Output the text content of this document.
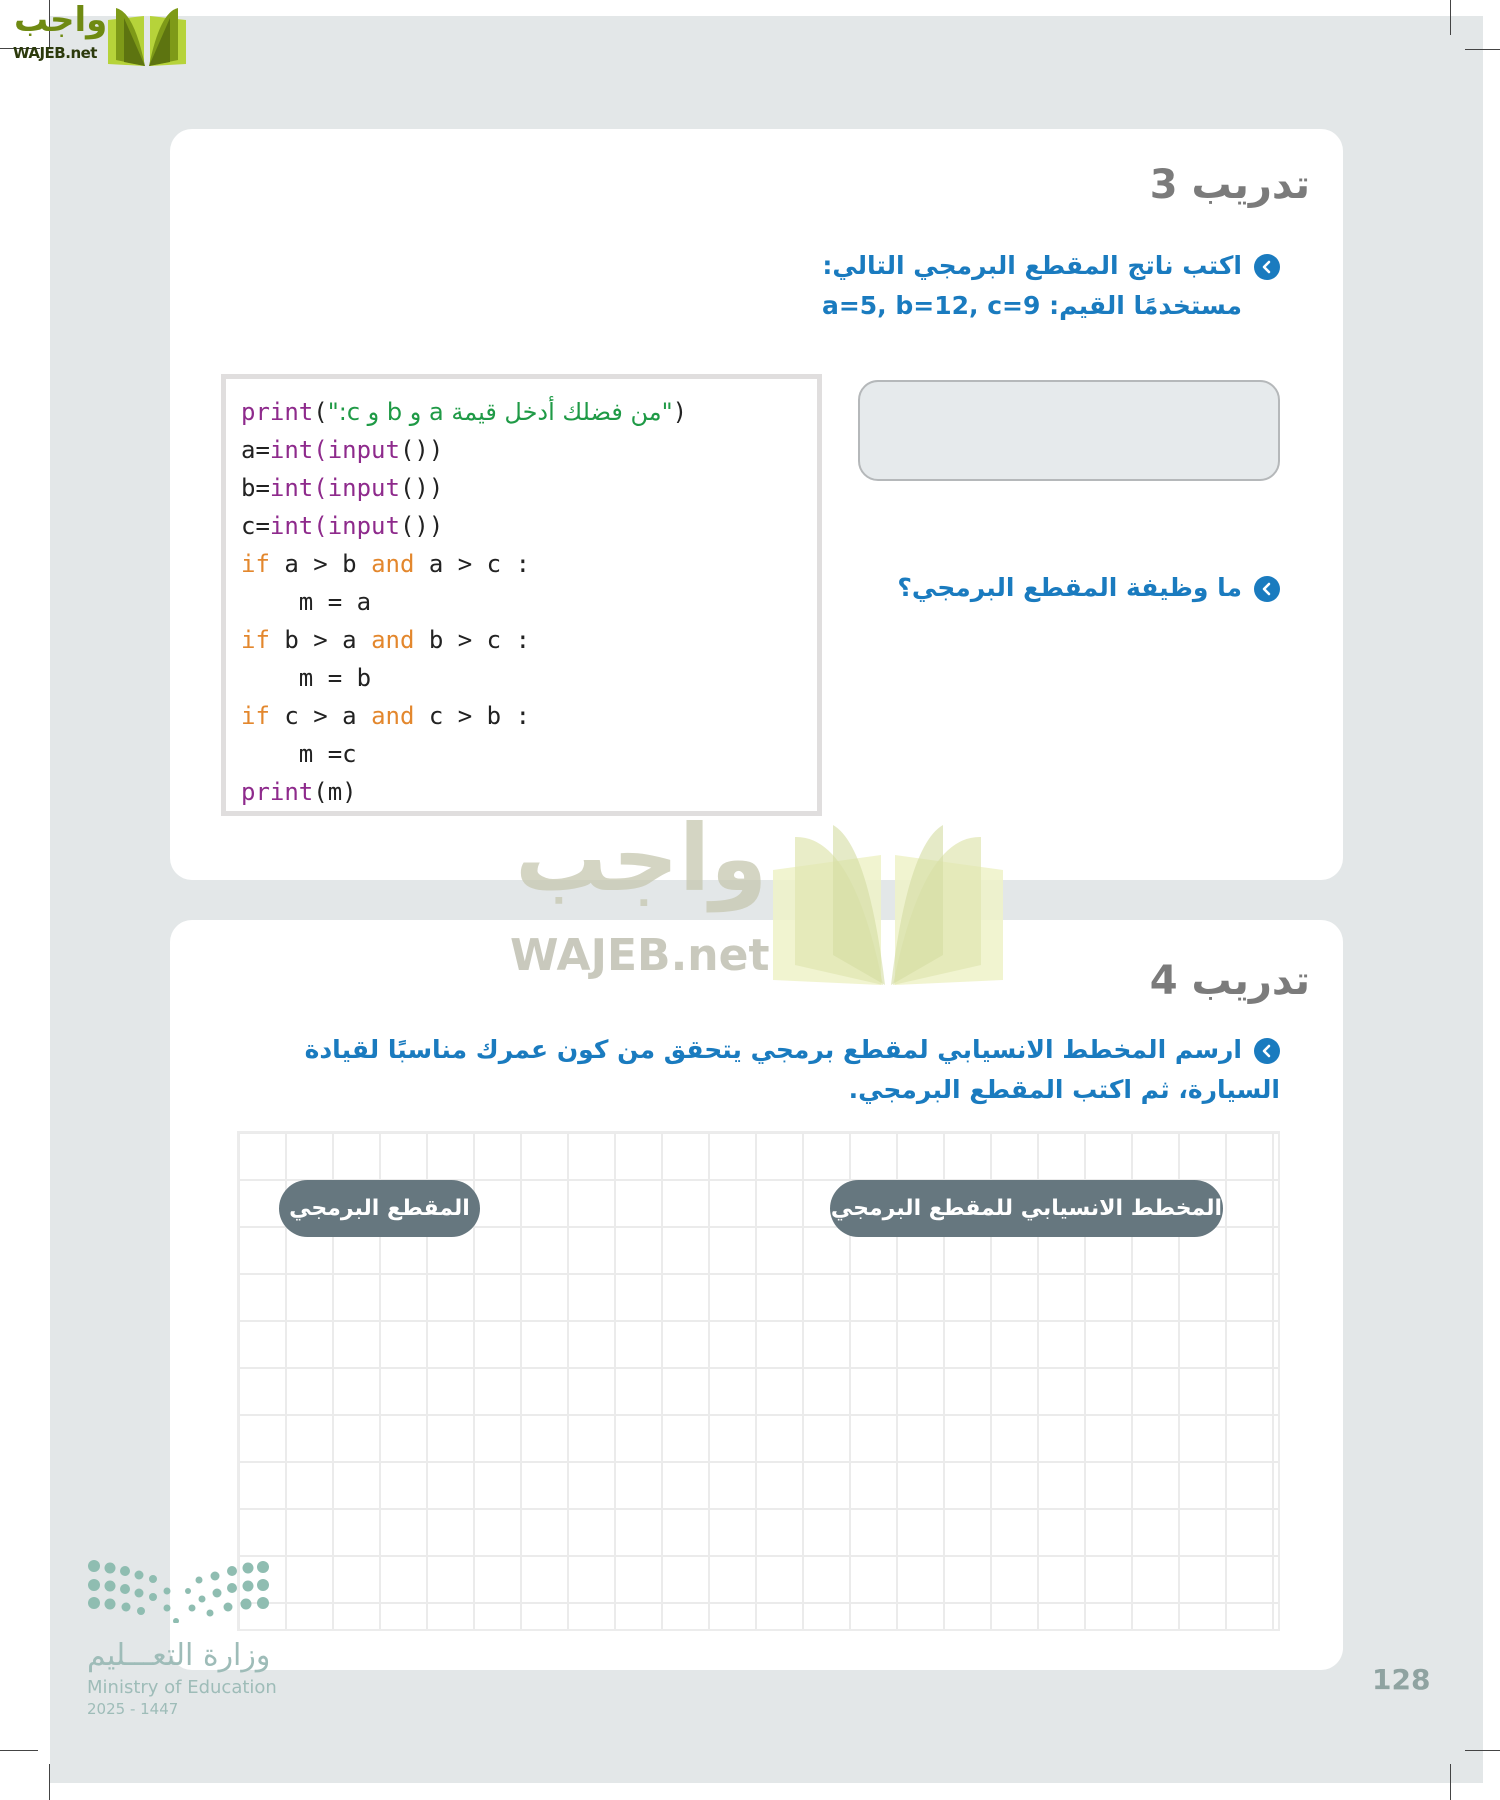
واجب
WAJEB.net
تدريب 3
اكتب ناتج المقطع البرمجي التالي:
مستخدمًا القيم: a=5, b=12, c=9
print("من فضلك أدخل قيمة a و b و c:")
a=int(input())
b=int(input())
c=int(input())
if a > b and a > c :
m = a
if b > a and b > c :
m = b
if c > a and c > b :
m =c
print(m)
ما وظيفة المقطع البرمجي؟
واجب
WAJEB.net	تدريب 4
ارسم المخطط الانسيابي لمقطع برمجي يتحقق من كون عمرك مناسبًا لقيادة السيارة، ثم اكتب المقطع البرمجي.
المخطط الانسيابي للمقطع البرمجي
المقطع البرمجي
وزارة التعـــليم
Ministry of Education
2025 - 1447
128
